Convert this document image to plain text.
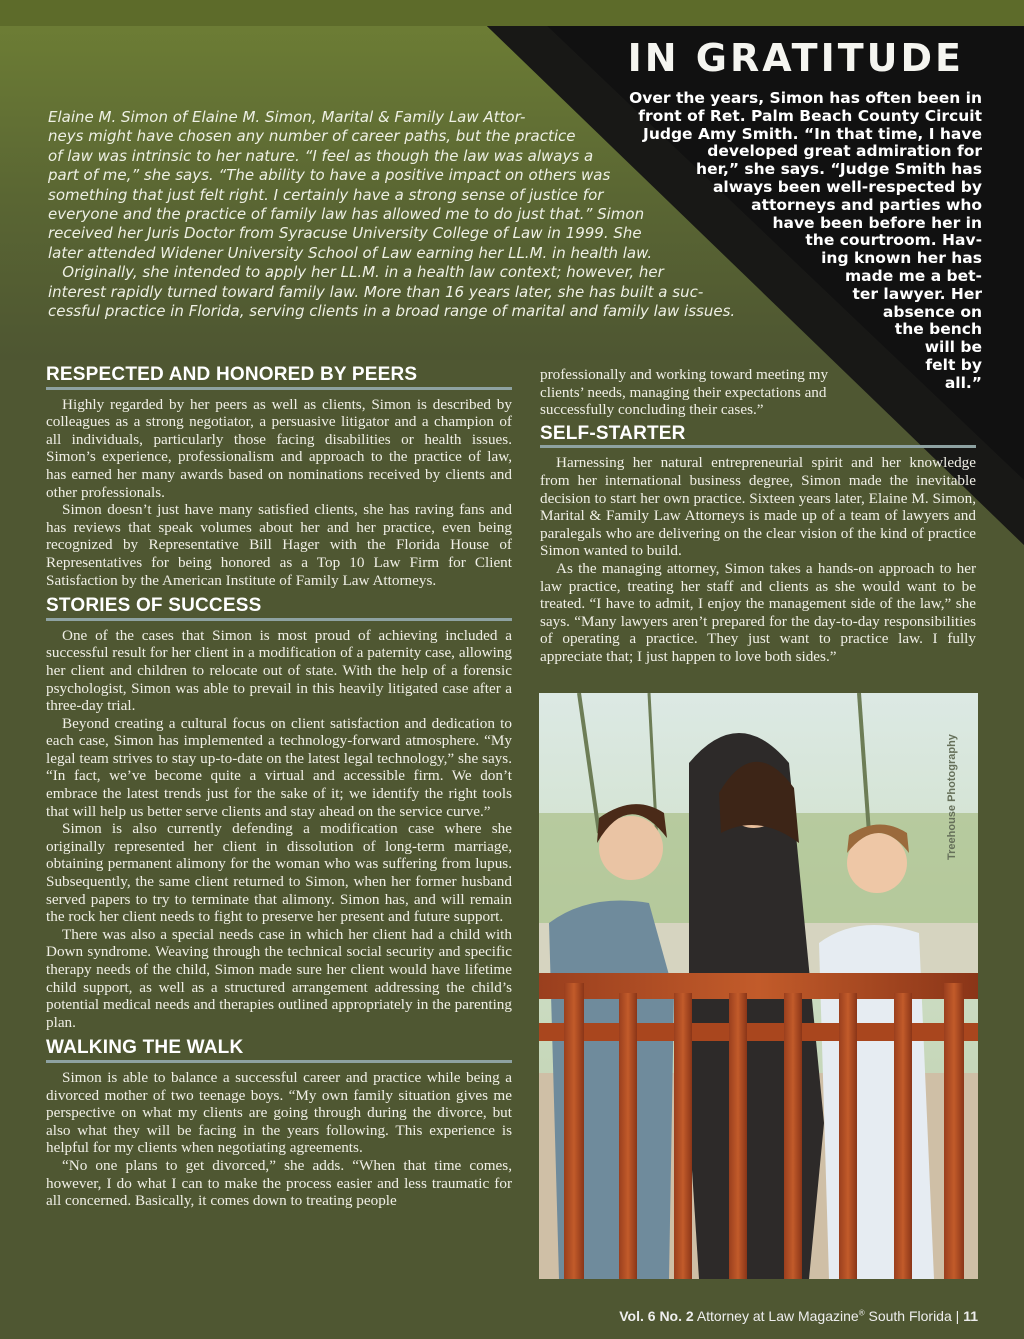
IN GRATITUDE
Over the years, Simon has often been in
front of Ret. Palm Beach County Circuit
Judge Amy Smith. “In that time, I have
developed great admiration for
her,” she says. “Judge Smith has
always been well-respected by
attorneys and parties who
have been before her in
the courtroom. Hav-
ing known her has
made me a bet-
ter lawyer. Her
absence on
the bench
will be
felt by
all.”
Elaine M. Simon of Elaine M. Simon, Marital & Family Law Attor-
neys might have chosen any number of career paths, but the practice
of law was intrinsic to her nature. “I feel as though the law was always a
part of me,” she says. “The ability to have a positive impact on others was
something that just felt right. I certainly have a strong sense of justice for
everyone and the practice of family law has allowed me to do just that.” Simon
received her Juris Doctor from Syracuse University College of Law in 1999. She
later attended Widener University School of Law earning her LL.M. in health law.
Originally, she intended to apply her LL.M. in a health law context; however, her
interest rapidly turned toward family law. More than 16 years later, she has built a suc-
cessful practice in Florida, serving clients in a broad range of marital and family law issues.
RESPECTED AND HONORED BY PEERS

Highly regarded by her peers as well as clients, Simon is described by colleagues as a strong negotiator, a persuasive litigator and a champion of all individuals, particularly those facing disabilities or health issues. Simon’s experience, professionalism and approach to the practice of law, has earned her many awards based on nominations received by clients and other professionals.

Simon doesn’t just have many satisfied clients, she has raving fans and has reviews that speak volumes about her and her practice, even being recognized by Representative Bill Hager with the Florida House of Representatives for being honored as a Top 10 Law Firm for Client Satisfaction by the American Institute of Family Law Attorneys.

STORIES OF SUCCESS

One of the cases that Simon is most proud of achieving included a successful result for her client in a modification of a paternity case, allowing her client and children to relocate out of state. With the help of a forensic psychologist, Simon was able to prevail in this heavily litigated case after a three-day trial.

Beyond creating a cultural focus on client satisfaction and dedication to each case, Simon has implemented a technology-forward atmosphere. “My legal team strives to stay up-to-date on the latest legal technology,” she says. “In fact, we’ve become quite a virtual and accessible firm. We don’t embrace the latest trends just for the sake of it; we identify the right tools that will help us better serve clients and stay ahead on the service curve.”

Simon is also currently defending a modification case where she originally represented her client in dissolution of long-term marriage, obtaining permanent alimony for the woman who was suffering from lupus. Subsequently, the same client returned to Simon, when her former husband served papers to try to terminate that alimony. Simon has, and will remain the rock her client needs to fight to preserve her present and future support.

There was also a special needs case in which her client had a child with Down syndrome. Weaving through the technical social security and specific therapy needs of the child, Simon made sure her client would have lifetime child support, as well as a structured arrangement addressing the child’s potential medical needs and therapies outlined appropriately in the parenting plan.

WALKING THE WALK

Simon is able to balance a successful career and practice while being a divorced mother of two teenage boys. “My own family situation gives me perspective on what my clients are going through during the divorce, but also what they will be facing in the years following. This experience is helpful for my clients when negotiating agreements.

“No one plans to get divorced,” she adds. “When that time comes, however, I do what I can to make the process easier and less traumatic for all concerned. Basically, it comes down to treating people

professionally and working toward meeting my clients’ needs, managing their expectations and successfully concluding their cases.”

SELF-STARTER

Harnessing her natural entrepreneurial spirit and her knowledge from her international business degree, Simon made the inevitable decision to start her own practice. Sixteen years later, Elaine M. Simon, Marital & Family Law Attorneys is made up of a team of lawyers and paralegals who are delivering on the clear vision of the kind of practice Simon wanted to build.

As the managing attorney, Simon takes a hands-on approach to her law practice, treating her staff and clients as she would want to be treated. “I have to admit, I enjoy the management side of the law,” she says. “Many lawyers aren’t prepared for the day-to-day responsibilities of operating a practice. They just want to practice law. I fully appreciate that; I just happen to love both sides.”

Treehouse Photography
Vol. 6 No. 2 Attorney at Law Magazine® South Florida | 11
